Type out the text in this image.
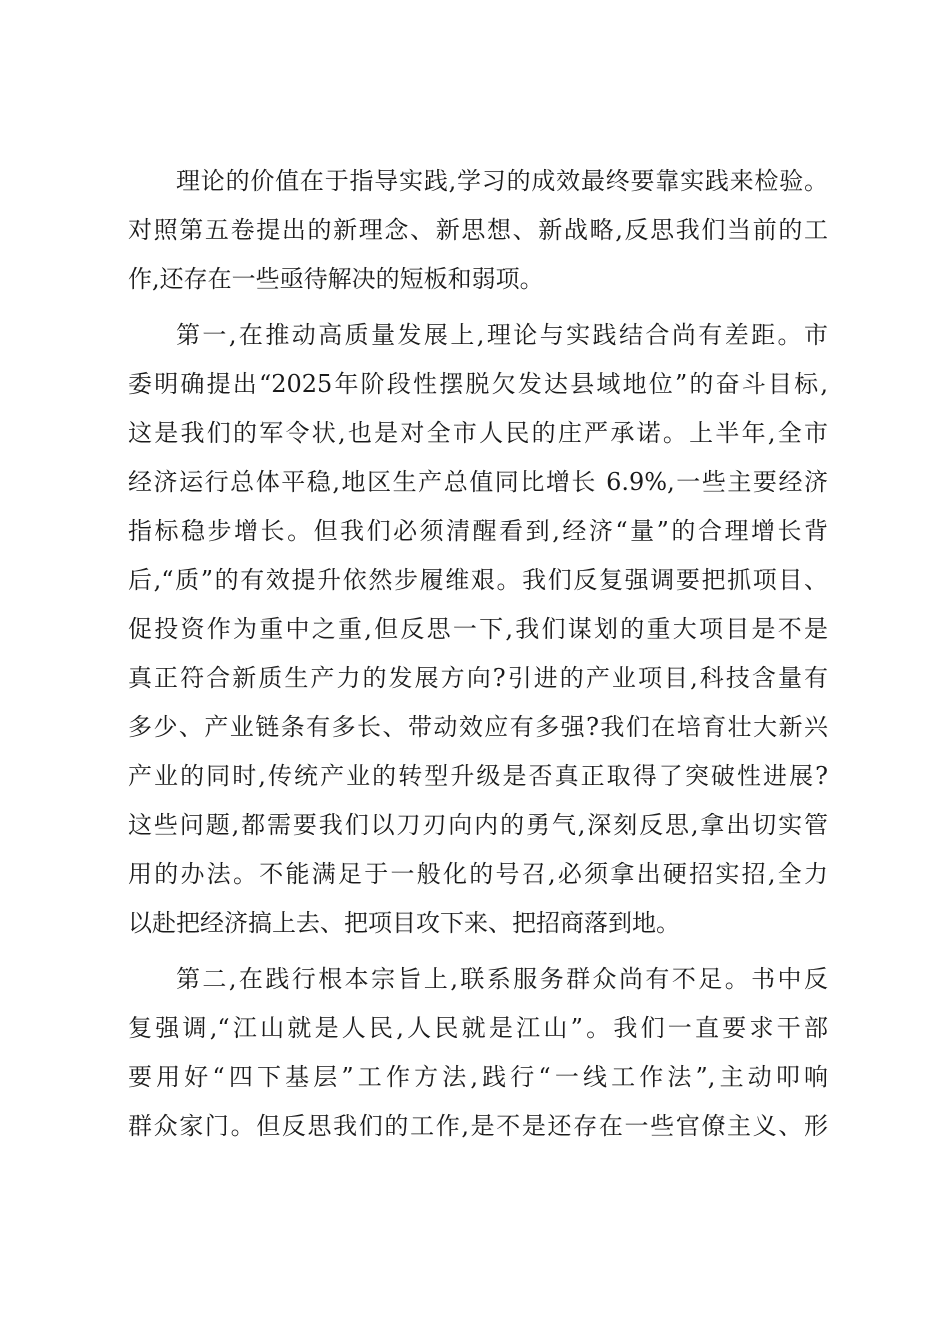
理论的价值在于指导实践,学习的成效最终要靠实践来检验。
对照第五卷提出的新理念、新思想、新战略,反思我们当前的工
作,还存在一些亟待解决的短板和弱项。
第一,在推动高质量发展上,理论与实践结合尚有差距。市
委明确提出“2025年阶段性摆脱欠发达县域地位”的奋斗目标,
这是我们的军令状,也是对全市人民的庄严承诺。上半年,全市
经济运行总体平稳,地区生产总值同比增长 6.9%,一些主要经济
指标稳步增长。但我们必须清醒看到,经济“量”的合理增长背
后,“质”的有效提升依然步履维艰。我们反复强调要把抓项目、
促投资作为重中之重,但反思一下,我们谋划的重大项目是不是
真正符合新质生产力的发展方向?引进的产业项目,科技含量有
多少、产业链条有多长、带动效应有多强?我们在培育壮大新兴
产业的同时,传统产业的转型升级是否真正取得了突破性进展?
这些问题,都需要我们以刀刃向内的勇气,深刻反思,拿出切实管
用的办法。不能满足于一般化的号召,必须拿出硬招实招,全力
以赴把经济搞上去、把项目攻下来、把招商落到地。
第二,在践行根本宗旨上,联系服务群众尚有不足。书中反
复强调,“江山就是人民,人民就是江山”。我们一直要求干部
要用好“四下基层”工作方法,践行“一线工作法”,主动叩响
群众家门。但反思我们的工作,是不是还存在一些官僚主义、形
